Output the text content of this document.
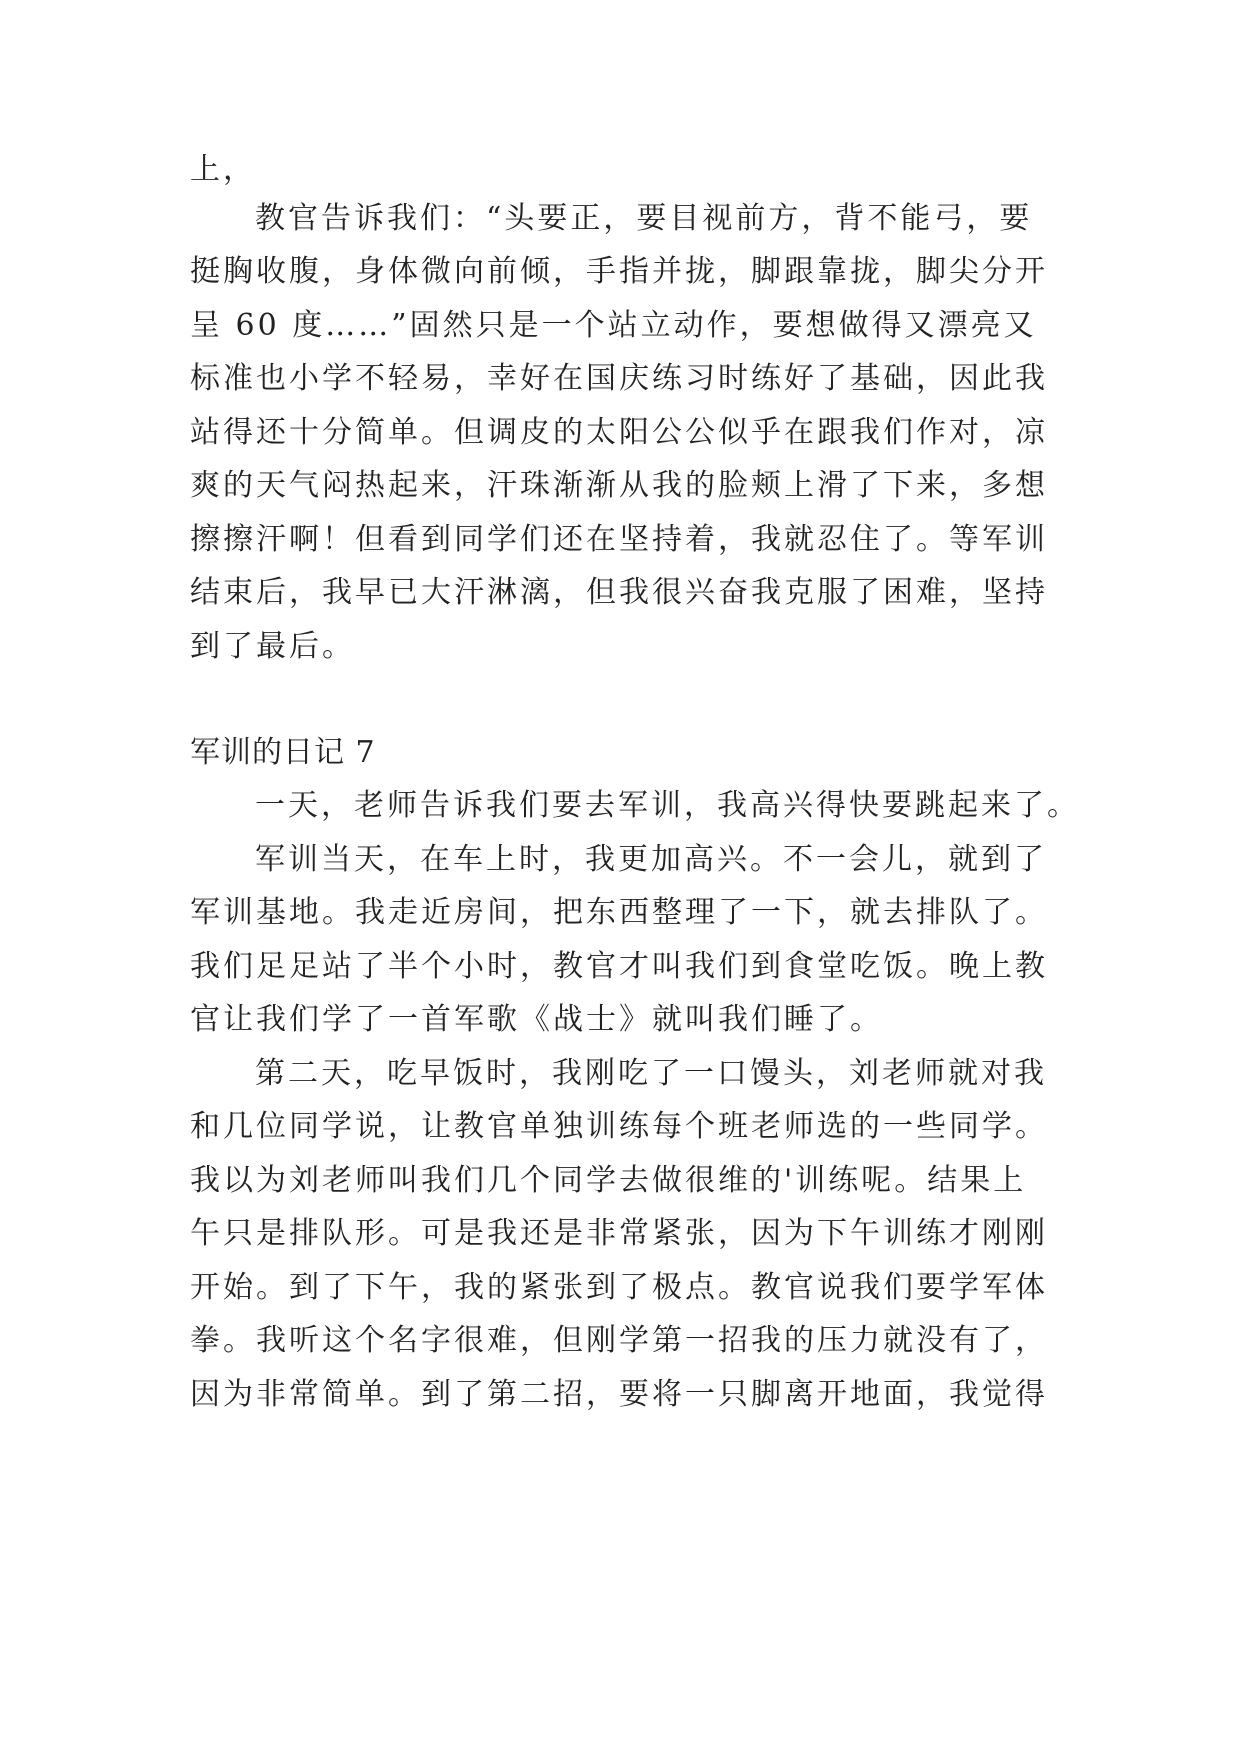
上，
教官告诉我们：“头要正，要目视前方，背不能弓，要
挺胸收腹，身体微向前倾，手指并拢，脚跟靠拢，脚尖分开
呈 60 度……”固然只是一个站立动作，要想做得又漂亮又
标准也小学不轻易，幸好在国庆练习时练好了基础，因此我
站得还十分简单。但调皮的太阳公公似乎在跟我们作对，凉
爽的天气闷热起来，汗珠渐渐从我的脸颊上滑了下来，多想
擦擦汗啊！但看到同学们还在坚持着，我就忍住了。等军训
结束后，我早已大汗淋漓，但我很兴奋我克服了困难，坚持
到了最后。
军训的日记 7
一天，老师告诉我们要去军训，我高兴得快要跳起来了。
军训当天，在车上时，我更加高兴。不一会儿，就到了
军训基地。我走近房间，把东西整理了一下，就去排队了。
我们足足站了半个小时，教官才叫我们到食堂吃饭。晚上教
官让我们学了一首军歌《战士》就叫我们睡了。
第二天，吃早饭时，我刚吃了一口馒头，刘老师就对我
和几位同学说，让教官单独训练每个班老师选的一些同学。
我以为刘老师叫我们几个同学去做很维的'训练呢。结果上
午只是排队形。可是我还是非常紧张，因为下午训练才刚刚
开始。到了下午，我的紧张到了极点。教官说我们要学军体
拳。我听这个名字很难，但刚学第一招我的压力就没有了，
因为非常简单。到了第二招，要将一只脚离开地面，我觉得
